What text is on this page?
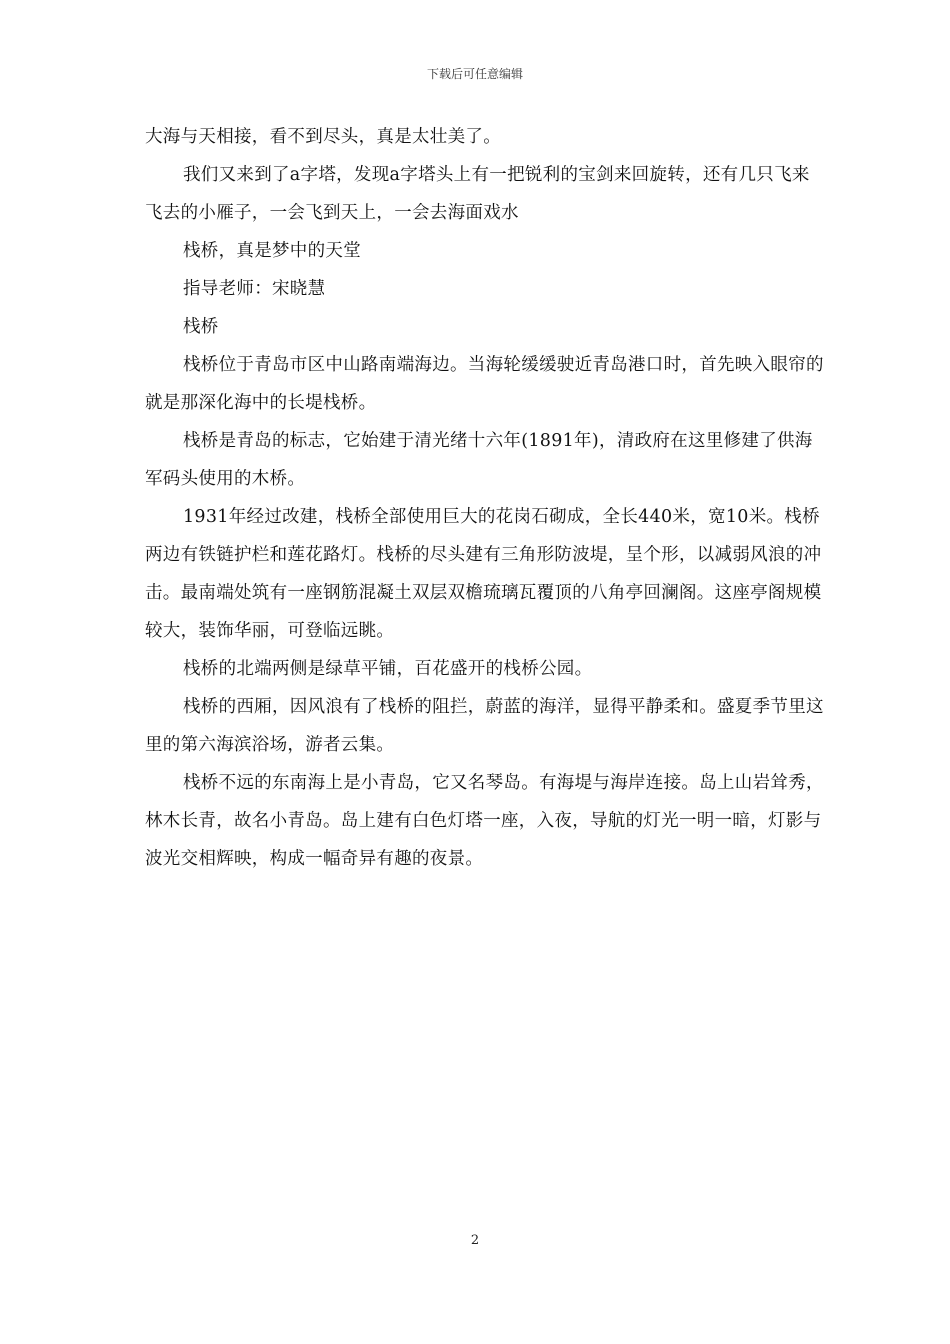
下载后可任意编辑

大海与天相接，看不到尽头，真是太壮美了。

我们又来到了a字塔，发现a字塔头上有一把锐利的宝剑来回旋转，还有几只飞来飞去的小雁子，一会飞到天上，一会去海面戏水

栈桥，真是梦中的天堂

指导老师：宋晓慧

栈桥

栈桥位于青岛市区中山路南端海边。当海轮缓缓驶近青岛港口时，首先映入眼帘的就是那深化海中的长堤栈桥。

栈桥是青岛的标志，它始建于清光绪十六年(1891年)，清政府在这里修建了供海军码头使用的木桥。

1931年经过改建，栈桥全部使用巨大的花岗石砌成，全长440米，宽10米。栈桥两边有铁链护栏和莲花路灯。栈桥的尽头建有三角形防波堤，呈个形，以减弱风浪的冲击。最南端处筑有一座钢筋混凝土双层双檐琉璃瓦覆顶的八角亭回澜阁。这座亭阁规模较大，装饰华丽，可登临远眺。

栈桥的北端两侧是绿草平铺，百花盛开的栈桥公园。

栈桥的西厢，因风浪有了栈桥的阻拦，蔚蓝的海洋，显得平静柔和。盛夏季节里这里的第六海滨浴场，游者云集。

栈桥不远的东南海上是小青岛，它又名琴岛。有海堤与海岸连接。岛上山岩耸秀，林木长青，故名小青岛。岛上建有白色灯塔一座，入夜，导航的灯光一明一暗，灯影与波光交相辉映，构成一幅奇异有趣的夜景。

2
